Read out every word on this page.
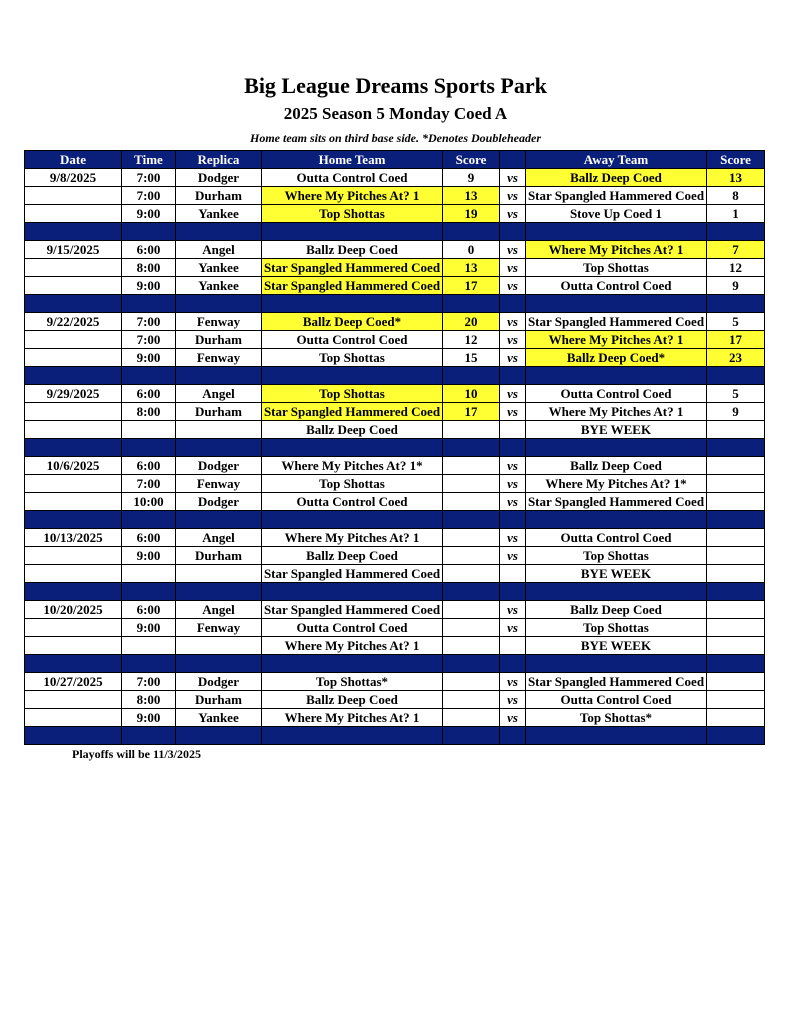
Big League Dreams Sports Park
2025 Season 5 Monday Coed A
Home team sits on third base side. *Denotes Doubleheader
Date	Time	Replica	Home Team	Score		Away Team	Score
9/8/2025	7:00	Dodger	Outta Control Coed	9	vs	Ballz Deep Coed	13
	7:00	Durham	Where My Pitches At? 1	13	vs	Star Spangled Hammered Coed	8
	9:00	Yankee	Top Shottas	19	vs	Stove Up Coed 1	1

9/15/2025	6:00	Angel	Ballz Deep Coed	0	vs	Where My Pitches At? 1	7
	8:00	Yankee	Star Spangled Hammered Coed	13	vs	Top Shottas	12
	9:00	Yankee	Star Spangled Hammered Coed	17	vs	Outta Control Coed	9

9/22/2025	7:00	Fenway	Ballz Deep Coed*	20	vs	Star Spangled Hammered Coed	5
	7:00	Durham	Outta Control Coed	12	vs	Where My Pitches At? 1	17
	9:00	Fenway	Top Shottas	15	vs	Ballz Deep Coed*	23

9/29/2025	6:00	Angel	Top Shottas	10	vs	Outta Control Coed	5
	8:00	Durham	Star Spangled Hammered Coed	17	vs	Where My Pitches At? 1	9
			Ballz Deep Coed			BYE WEEK	

10/6/2025	6:00	Dodger	Where My Pitches At? 1*		vs	Ballz Deep Coed	
	7:00	Fenway	Top Shottas		vs	Where My Pitches At? 1*	
	10:00	Dodger	Outta Control Coed		vs	Star Spangled Hammered Coed	

10/13/2025	6:00	Angel	Where My Pitches At? 1		vs	Outta Control Coed	
	9:00	Durham	Ballz Deep Coed		vs	Top Shottas	
			Star Spangled Hammered Coed			BYE WEEK	

10/20/2025	6:00	Angel	Star Spangled Hammered Coed		vs	Ballz Deep Coed	
	9:00	Fenway	Outta Control Coed		vs	Top Shottas	
			Where My Pitches At? 1			BYE WEEK	

10/27/2025	7:00	Dodger	Top Shottas*		vs	Star Spangled Hammered Coed	
	8:00	Durham	Ballz Deep Coed		vs	Outta Control Coed	
	9:00	Yankee	Where My Pitches At? 1		vs	Top Shottas*	

Playoffs will be 11/3/2025
